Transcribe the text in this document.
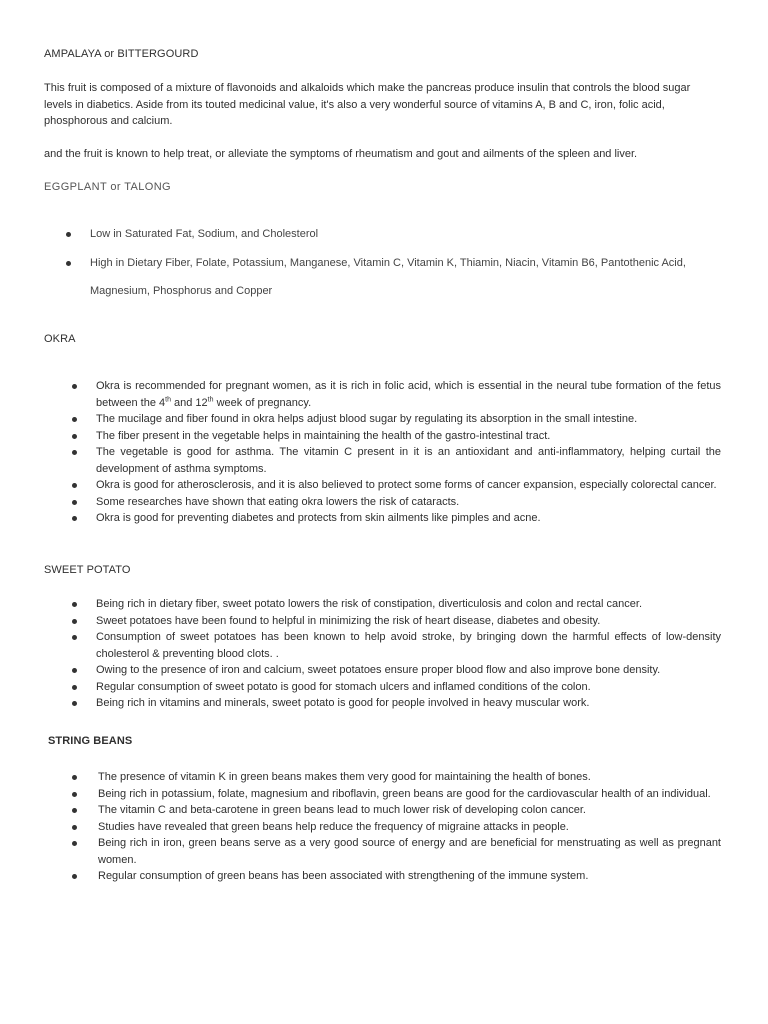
AMPALAYA or BITTERGOURD

This fruit is composed of a mixture of flavonoids and alkaloids which make the pancreas produce insulin that controls the blood sugar levels in diabetics. Aside from its touted medicinal value, it's also a very wonderful source of vitamins A, B and C, iron, folic acid, phosphorous and calcium.

and the fruit is known to help treat, or alleviate the symptoms of rheumatism and gout and ailments of the spleen and liver.

EGGPLANT or TALONG
Low in Saturated Fat, Sodium, and Cholesterol
High in Dietary Fiber, Folate, Potassium, Manganese, Vitamin C, Vitamin K, Thiamin, Niacin, Vitamin B6, Pantothenic Acid,
Magnesium, Phosphorus and Copper
OKRA
Okra is recommended for pregnant women, as it is rich in folic acid, which is essential in the neural tube formation of the fetus between the 4th and 12th week of pregnancy.
The mucilage and fiber found in okra helps adjust blood sugar by regulating its absorption in the small intestine.
The fiber present in the vegetable helps in maintaining the health of the gastro-intestinal tract.
The vegetable is good for asthma. The vitamin C present in it is an antioxidant and anti-inflammatory, helping curtail the development of asthma symptoms.
Okra is good for atherosclerosis, and it is also believed to protect some forms of cancer expansion, especially colorectal cancer.
Some researches have shown that eating okra lowers the risk of cataracts.
Okra is good for preventing diabetes and protects from skin ailments like pimples and acne.
SWEET POTATO
Being rich in dietary fiber, sweet potato lowers the risk of constipation, diverticulosis and colon and rectal cancer.
Sweet potatoes have been found to helpful in minimizing the risk of heart disease, diabetes and obesity.
Consumption of sweet potatoes has been known to help avoid stroke, by bringing down the harmful effects of low-density cholesterol & preventing blood clots. .
Owing to the presence of iron and calcium, sweet potatoes ensure proper blood flow and also improve bone density.
Regular consumption of sweet potato is good for stomach ulcers and inflamed conditions of the colon.
Being rich in vitamins and minerals, sweet potato is good for people involved in heavy muscular work.
STRING BEANS
The presence of vitamin K in green beans makes them very good for maintaining the health of bones.
Being rich in potassium, folate, magnesium and riboflavin, green beans are good for the cardiovascular health of an individual.
The vitamin C and beta-carotene in green beans lead to much lower risk of developing colon cancer.
Studies have revealed that green beans help reduce the frequency of migraine attacks in people.
Being rich in iron, green beans serve as a very good source of energy and are beneficial for menstruating as well as pregnant women.
Regular consumption of green beans has been associated with strengthening of the immune system.
